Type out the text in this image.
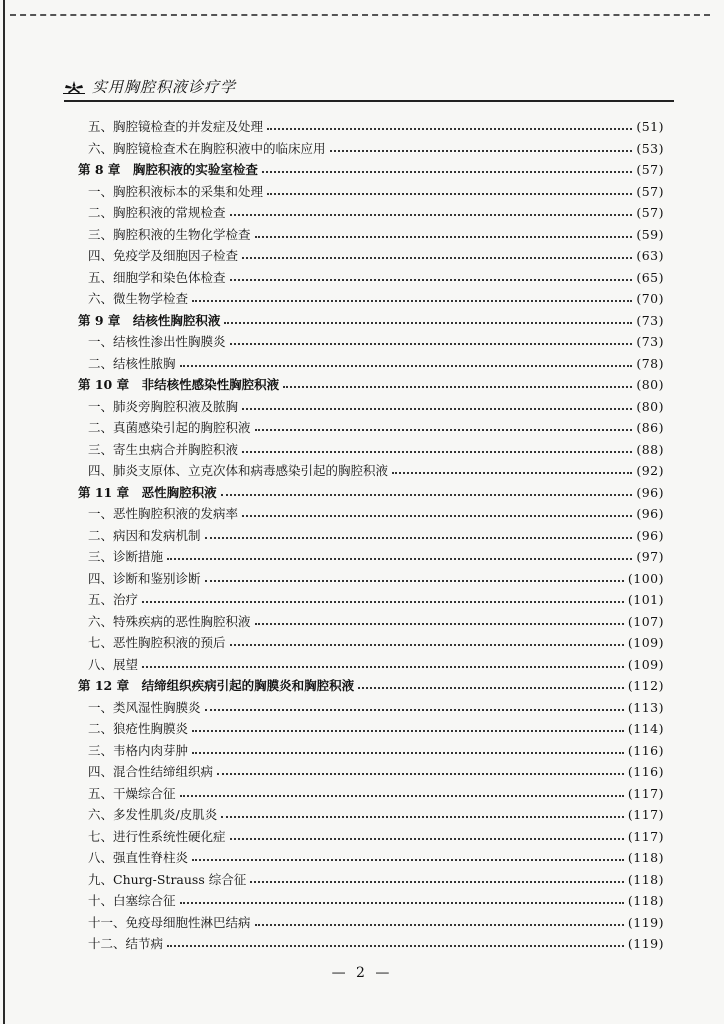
实用胸腔积液诊疗学
五、胸腔镜检查的并发症及处理	(51)
六、胸腔镜检查术在胸腔积液中的临床应用	(53)
第 8 章　胸腔积液的实验室检查	(57)
一、胸腔积液标本的采集和处理	(57)
二、胸腔积液的常规检查	(57)
三、胸腔积液的生物化学检查	(59)
四、免疫学及细胞因子检查	(63)
五、细胞学和染色体检查	(65)
六、微生物学检查	(70)
第 9 章　结核性胸腔积液	(73)
一、结核性渗出性胸膜炎	(73)
二、结核性脓胸	(78)
第 10 章　非结核性感染性胸腔积液	(80)
一、肺炎旁胸腔积液及脓胸	(80)
二、真菌感染引起的胸腔积液	(86)
三、寄生虫病合并胸腔积液	(88)
四、肺炎支原体、立克次体和病毒感染引起的胸腔积液	(92)
第 11 章　恶性胸腔积液	(96)
一、恶性胸腔积液的发病率	(96)
二、病因和发病机制	(96)
三、诊断措施	(97)
四、诊断和鉴别诊断	(100)
五、治疗	(101)
六、特殊疾病的恶性胸腔积液	(107)
七、恶性胸腔积液的预后	(109)
八、展望	(109)
第 12 章　结缔组织疾病引起的胸膜炎和胸腔积液	(112)
一、类风湿性胸膜炎	(113)
二、狼疮性胸膜炎	(114)
三、韦格内肉芽肿	(116)
四、混合性结缔组织病	(116)
五、干燥综合征	(117)
六、多发性肌炎/皮肌炎	(117)
七、进行性系统性硬化症	(117)
八、强直性脊柱炎	(118)
九、Churg-Strauss 综合征	(118)
十、白塞综合征	(118)
十一、免疫母细胞性淋巴结病	(119)
十二、结节病	(119)
— 2 —
